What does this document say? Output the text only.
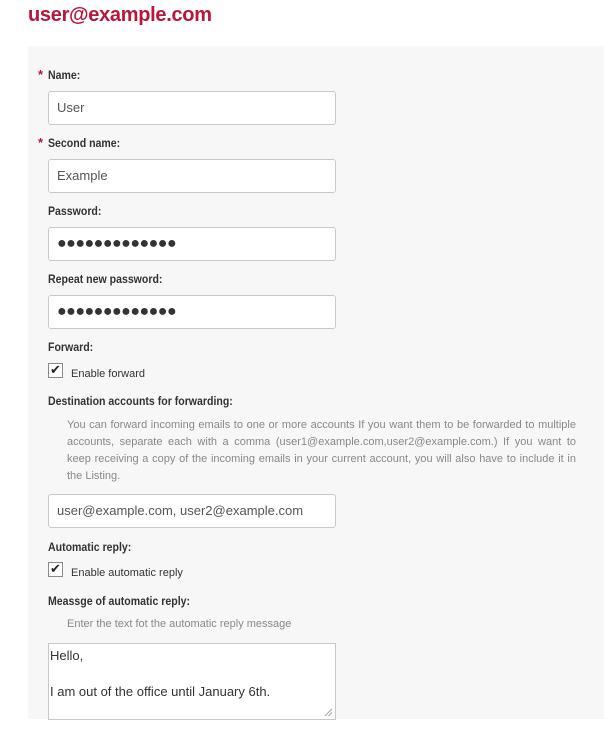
user@example.com
* Name:
User
* Second name:
Example
Password:
●●●●●●●●●●●●●
Repeat new password:
●●●●●●●●●●●●●
Forward:
✔ Enable forward
Destination accounts for forwarding:
You can forward incoming emails to one or more accounts If you want them to be forwarded to multiple accounts, separate each with a comma (user1@example.com,user2@example.com.) If you want to keep receiving a copy of the incoming emails in your current account, you will also have to include it in the Listing.
user@example.com, user2@example.com
Automatic reply:
✔ Enable automatic reply
Meassge of automatic reply:
Enter the text fot the automatic reply message
Hello,

I am out of the office until January 6th.
